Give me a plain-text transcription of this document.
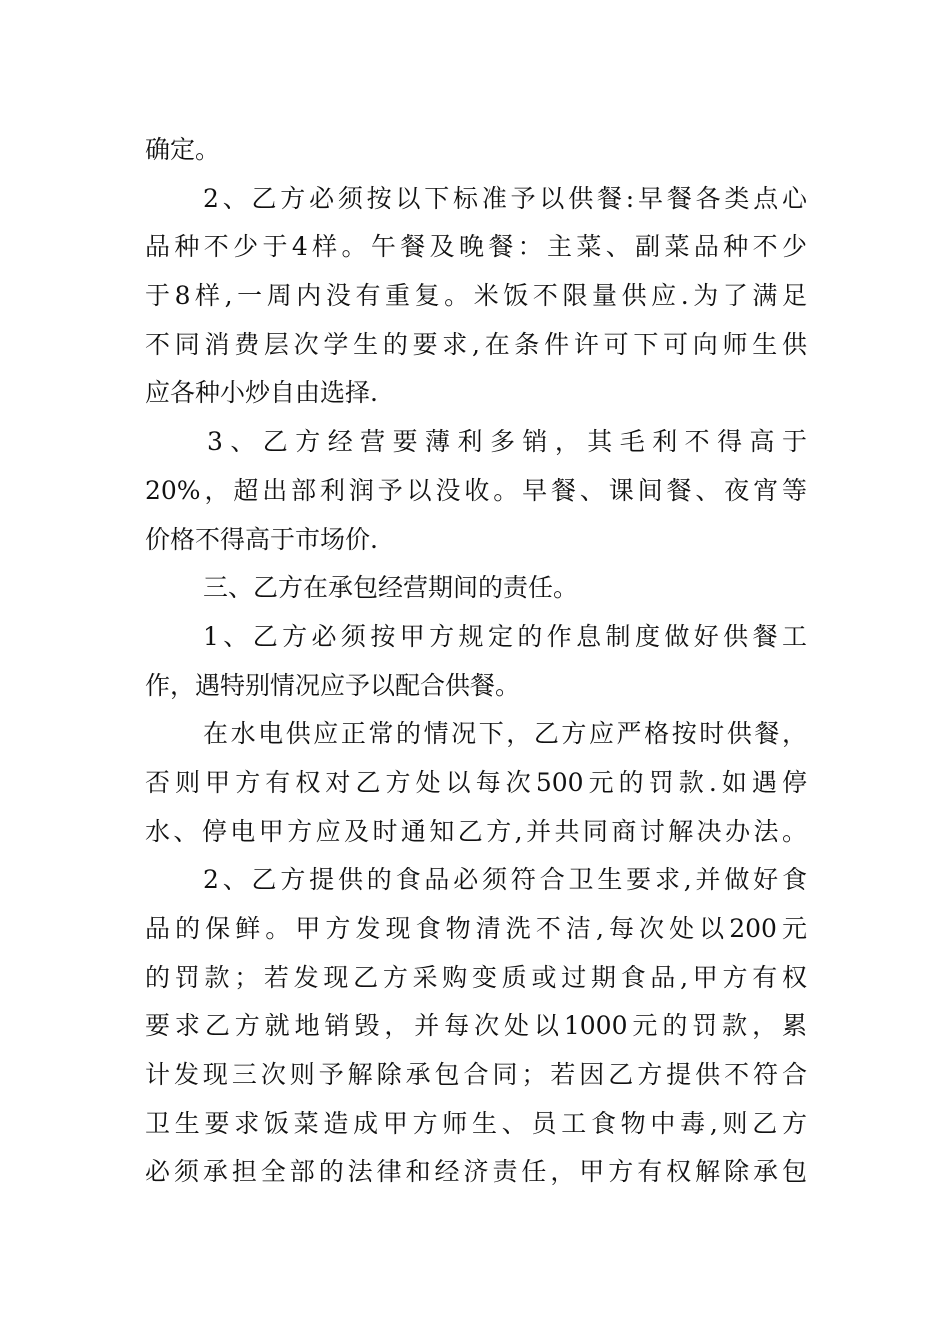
确定。
2、乙方必须按以下标准予以供餐:早餐各类点心
品种不少于4样。午餐及晚餐：主菜、副菜品种不少
于8样,一周内没有重复。米饭不限量供应.为了满足
不同消费层次学生的要求,在条件许可下可向师生供
应各种小炒自由选择.
3、乙方经营要薄利多销，其毛利不得高于
20%，超出部利润予以没收。早餐、课间餐、夜宵等
价格不得高于市场价.
三、乙方在承包经营期间的责任。
1、乙方必须按甲方规定的作息制度做好供餐工
作，遇特别情况应予以配合供餐。
在水电供应正常的情况下，乙方应严格按时供餐，
否则甲方有权对乙方处以每次500元的罚款.如遇停
水、停电甲方应及时通知乙方,并共同商讨解决办法。
2、乙方提供的食品必须符合卫生要求,并做好食
品的保鲜。甲方发现食物清洗不洁,每次处以200元
的罚款；若发现乙方采购变质或过期食品,甲方有权
要求乙方就地销毁，并每次处以1000元的罚款，累
计发现三次则予解除承包合同；若因乙方提供不符合
卫生要求饭菜造成甲方师生、员工食物中毒,则乙方
必须承担全部的法律和经济责任，甲方有权解除承包
